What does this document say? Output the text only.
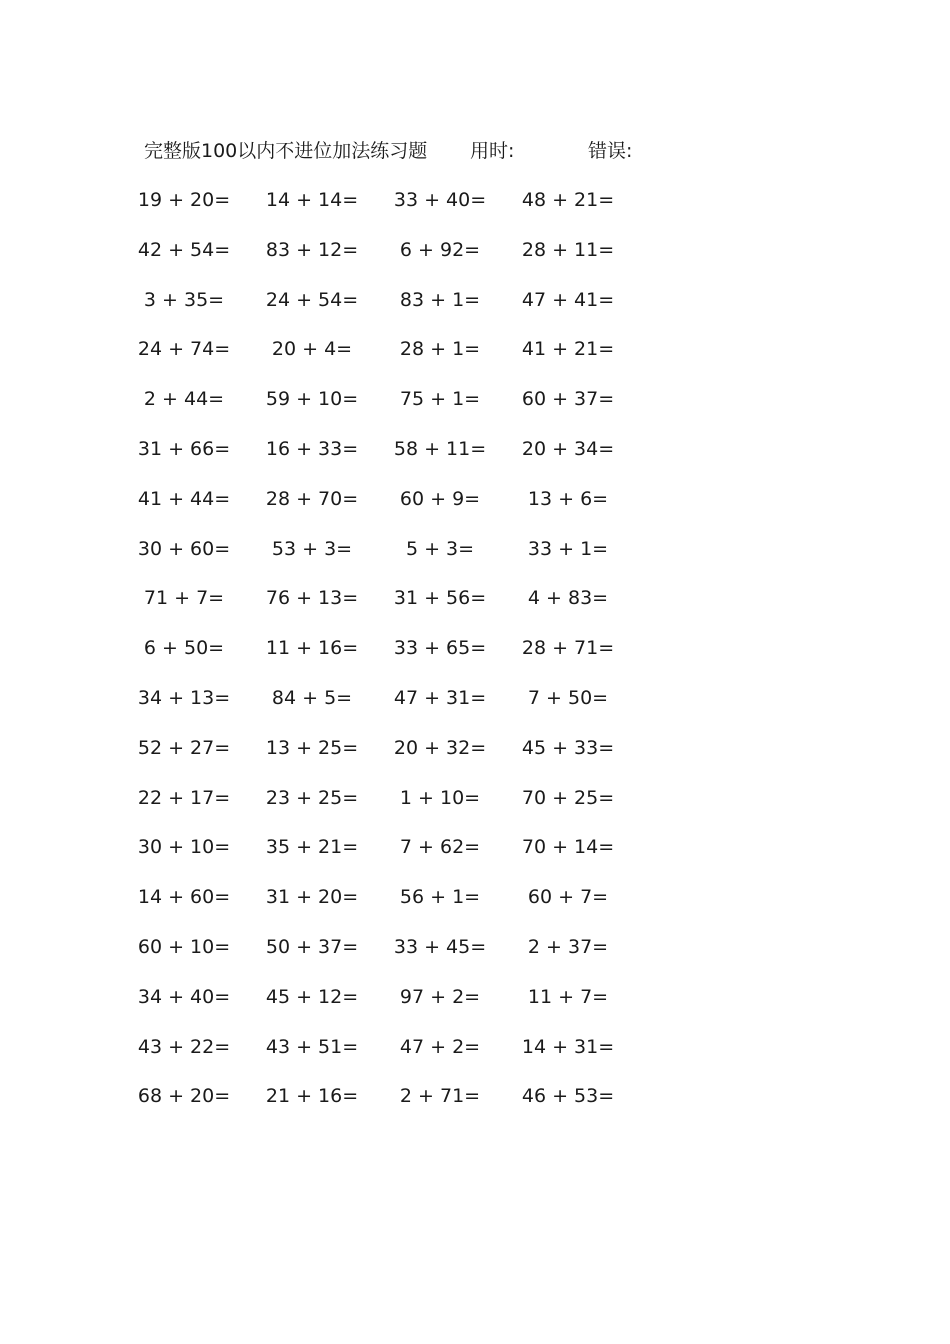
完整版100以内不进位加法练习题 用时:	错误:
19 + 20= 14 + 14= 33 + 40= 48 + 21=
42 + 54= 83 + 12=	6 + 92=	28 + 11=
3 + 35=	24 + 54=	83 + 1=	47 + 41=
24 + 74=	20 + 4=	28 + 1=	41 + 21=
2 + 44=	59 + 10=	75 + 1=	60 + 37=
31 + 66= 16 + 33= 58 + 11= 20 + 34=
41 + 44= 28 + 70=	60 + 9=	13 + 6=
30 + 60=	53 + 3=	5 + 3=	33 + 1=
71 + 7=	76 + 13= 31 + 56=	4 + 83=
6 + 50=	11 + 16= 33 + 65= 28 + 71=
34 + 13=	84 + 5=	47 + 31=	7 + 50=
52 + 27= 13 + 25= 20 + 32= 45 + 33=
22 + 17= 23 + 25=	1 + 10=	70 + 25=
30 + 10= 35 + 21=	7 + 62=	70 + 14=
14 + 60= 31 + 20=	56 + 1=	60 + 7=
60 + 10= 50 + 37= 33 + 45=	2 + 37=
34 + 40= 45 + 12=	97 + 2=	11 + 7=
43 + 22= 43 + 51=	47 + 2=	14 + 31=
68 + 20= 21 + 16=	2 + 71=	46 + 53=
